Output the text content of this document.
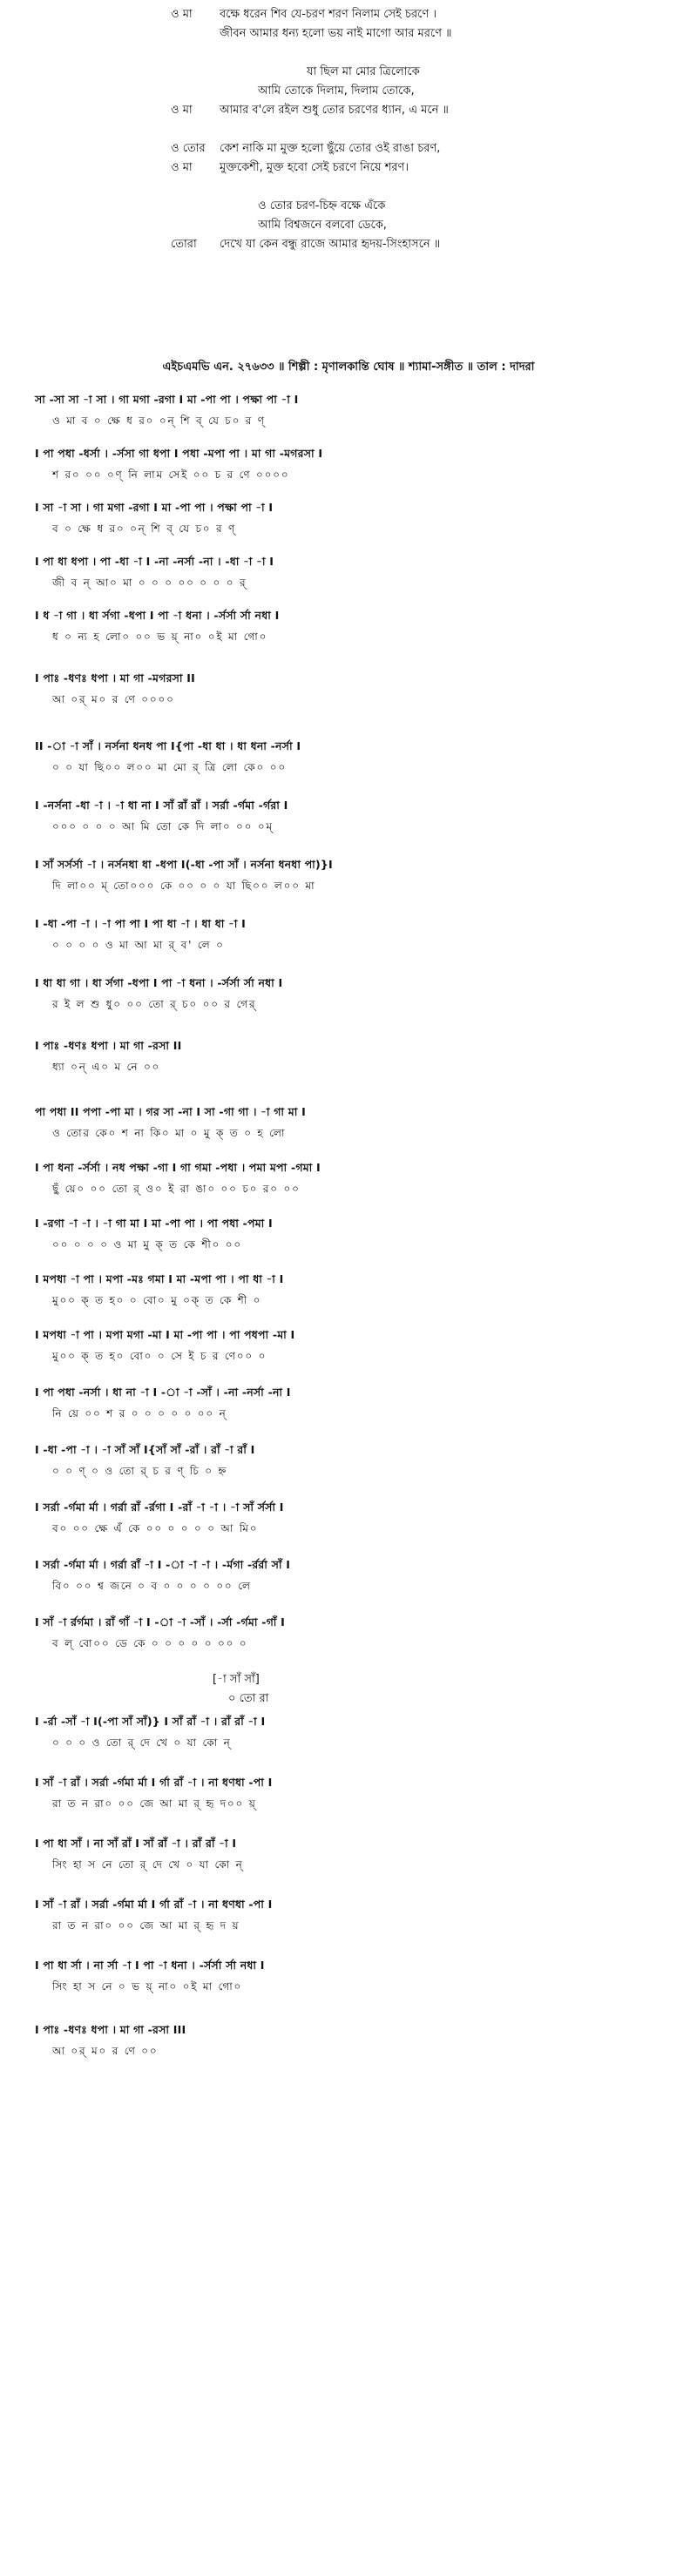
ও মা বক্ষে ধরেন শিব যে-চরণ শরণ নিলাম সেই চরণে ।
জীবন আমার ধন্য হলো ভয় নাই মাগো আর মরণে ॥
যা ছিল মা মোর ত্রিলোকে
আমি তোকে দিলাম, দিলাম তোকে,
ও মা আমার ব'লে রইল শুধু তোর চরণের ধ্যান, এ মনে ॥
ও তোর কেশ নাকি মা মুক্ত হলো ছুঁয়ে তোর ওই রাঙা চরণ,
ও মা মুক্তকেশী, মুক্ত হবো সেই চরণে নিয়ে শরণ।
ও তোর চরণ-চিহ্ন বক্ষে এঁকে
আমি বিশ্বজনে বলবো ডেকে,
তোরা দেখে যা কেন বন্ধু রাজে আমার হৃদয়-সিংহাসনে ॥
এইচএমভি এন. ২৭৬৩৩ ॥ শিল্পী : মৃণালকান্তি ঘোষ ॥ শ্যামা-সঙ্গীত ॥ তাল : দাদরা
সা -সা সা -া সা । গা মগা -রগা I মা -পা পা । পক্ষা পা -া I
ও মা ব ০ ক্ষে ধ র০ ০ন্ শি ব্ যে চ০ র ণ্
I পা পধা -ধর্সা । -র্সসা গা ধপা I পধা -মপা পা । মা গা -মগরসা I
শ র০ ০০ ০ণ্ নি লাম সেই ০০ চ র ণে ০০০০
I সা -া সা । গা মগা -রগা I মা -পা পা । পক্ষা পা -া I
ব ০ ক্ষে ধ র০ ০ন্ শি ব্ যে চ০ র ণ্
I পা ধা ধপা । পা -ধা -া I -না -নর্সা -না । -ধা -া -া I
জী ব ন্ আ০ মা ০ ০ ০ ০০ ০ ০ ০ র্
I ধ -া গা । ধা র্সগা -ধপা I পা -া ধনা । -র্সর্সা র্সা নধা I
ধ ০ ন্য হ লো০ ০০ ভ য়্ না০ ০ই মা গো০
I পাঃ -ধণঃ ধপা । মা গা -মগরসা II
আ ০র্ ম০ র ণে ০০০০
II -া -া সাঁ । নর্সনা ধনধ পা I{পা -ধা ধা । ধা ধনা -নর্সা I
০ ০ যা ছি০০ ল০০ মা মো র্ ত্রি লো কে০ ০০
I -নর্সনা -ধা -া । -া ধা না I সাঁ রাঁ রাঁ । সর্রা -র্গমা -র্গরা I
০০০ ০ ০ ০ আ মি তো কে দি লা০ ০০ ০ম্
I সাঁ সর্সর্সা -া । নর্সনধা ধা -ধপা I(-ধা -পা সাঁ । নর্সনা ধনধা পা)}I
দি লা০০ ম্ তো০০০ কে ০০ ০ ০ যা ছি০০ ল০০ মা
I -ধা -পা -া । -া পা পা I পা ধা -া । ধা ধা -া I
০ ০ ০ ০ ও মা আ মা র্ ব' লে ০
I ধা ধা গা । ধা র্সগা -ধপা I পা -া ধনা । -র্সর্সা র্সা নধা I
র ই ল শু ধু০ ০০ তো র্ চ০ ০০ র গের্
I পাঃ -ধণঃ ধপা । মা গা -রসা II
ধ্যা ০ন্ এ০ ম নে ০০
পা পধা II পপা -পা মা । গর সা -না I সা -গা গা । -া গা মা I
ও তোর কে০ শ না কি০ মা ০ মু ক্ ত ০ হ লো
I পা ধনা -র্সর্সা । নধ পক্ষা -গা I গা গমা -পধা । পমা মপা -গমা I
ছুঁ য়ে০ ০০ তো র্ ও০ ই রা ঙা০ ০০ চ০ র০ ০০
I -রগা -া -া । -া গা মা I মা -পা পা । পা পধা -পমা I
০০ ০ ০ ০ ও মা মু ক্ ত কে শী০ ০০
I মপধা -া পা । মপা -মঃ গমা I মা -মপা পা । পা ধা -া I
মু০০ ক্ ত হ০ ০ বো০ মু ০ক্ ত কে শী ০
I মপধা -া পা । মপা মগা -মা I মা -পা পা । পা পধপা -মা I
মু০০ ক্ ত হ০ বো০ ০ সে ই চ র ণে০০ ০
I পা পধা -নর্সা । ধা না -া I -া -া -সাঁ । -না -নর্সা -না I
নি য়ে ০০ শ র ০ ০ ০ ০ ০ ০০ ন্
I -ধা -পা -া । -া সাঁ সাঁ I{সাঁ সাঁ -রাঁ । রাঁ -া রাঁ I
০ ০ ণ্ ০ ও তো র্ চ র ণ্ চি ০ হ্ন
I সর্রা -র্গমা র্মা । গর্রা রাঁ -র্রগা I -রাঁ -া -া । -া সাঁ র্সর্সা I
ব০ ০০ ক্ষে এঁ কে ০০ ০ ০ ০ ০ আ মি০
I সর্রা -র্গমা র্মা । গর্রা রাঁ -া I -া -া -া । -র্মগা -র্রর্রা সাঁ I
বি০ ০০ শ্ব জনে ০ ব ০ ০ ০ ০ ০০ লে
I সাঁ -া র্রর্গমা । রাঁ গাঁ -া I -া -া -সাঁ । -র্সা -র্গমা -গাঁ I
ব ল্ বো০০ ডে কে ০ ০ ০ ০ ০ ০০ ০
[-া সাঁ সাঁ]
০ তো রা
I -র্রা -সাঁ -া I(-পা সাঁ সাঁ)} I সাঁ রাঁ -া । রাঁ রাঁ -া I
০ ০ ০ ও তো র্ দে খে ০ যা কো ন্
I সাঁ -া রাঁ । সর্রা -র্গমা র্মা I র্গা রাঁ -া । না ধণধা -পা I
রা ত ন রা০ ০০ জে আ মা র্ হৃ দ০০ য়্
I পা ধা সাঁ । না সাঁ রাঁ I সাঁ রাঁ -া । রাঁ রাঁ -া I
সিং হা স নে তো র্ দে খে ০ যা কো ন্
I সাঁ -া রাঁ । সর্রা -র্গমা র্মা I র্গা রাঁ -া । না ধণধা -পা I
রা ত ন রা০ ০০ জে আ মা র্ হৃ দ য়
I পা ধা র্সা । না র্সা -া I পা -া ধনা । -র্সর্সা র্সা নধা I
সিং হা স নে ০ ভ য়্ না০ ০ই মা গো০
I পাঃ -ধণঃ ধপা । মা গা -রসা III
আ ০র্ ম০ র ণে ০০
